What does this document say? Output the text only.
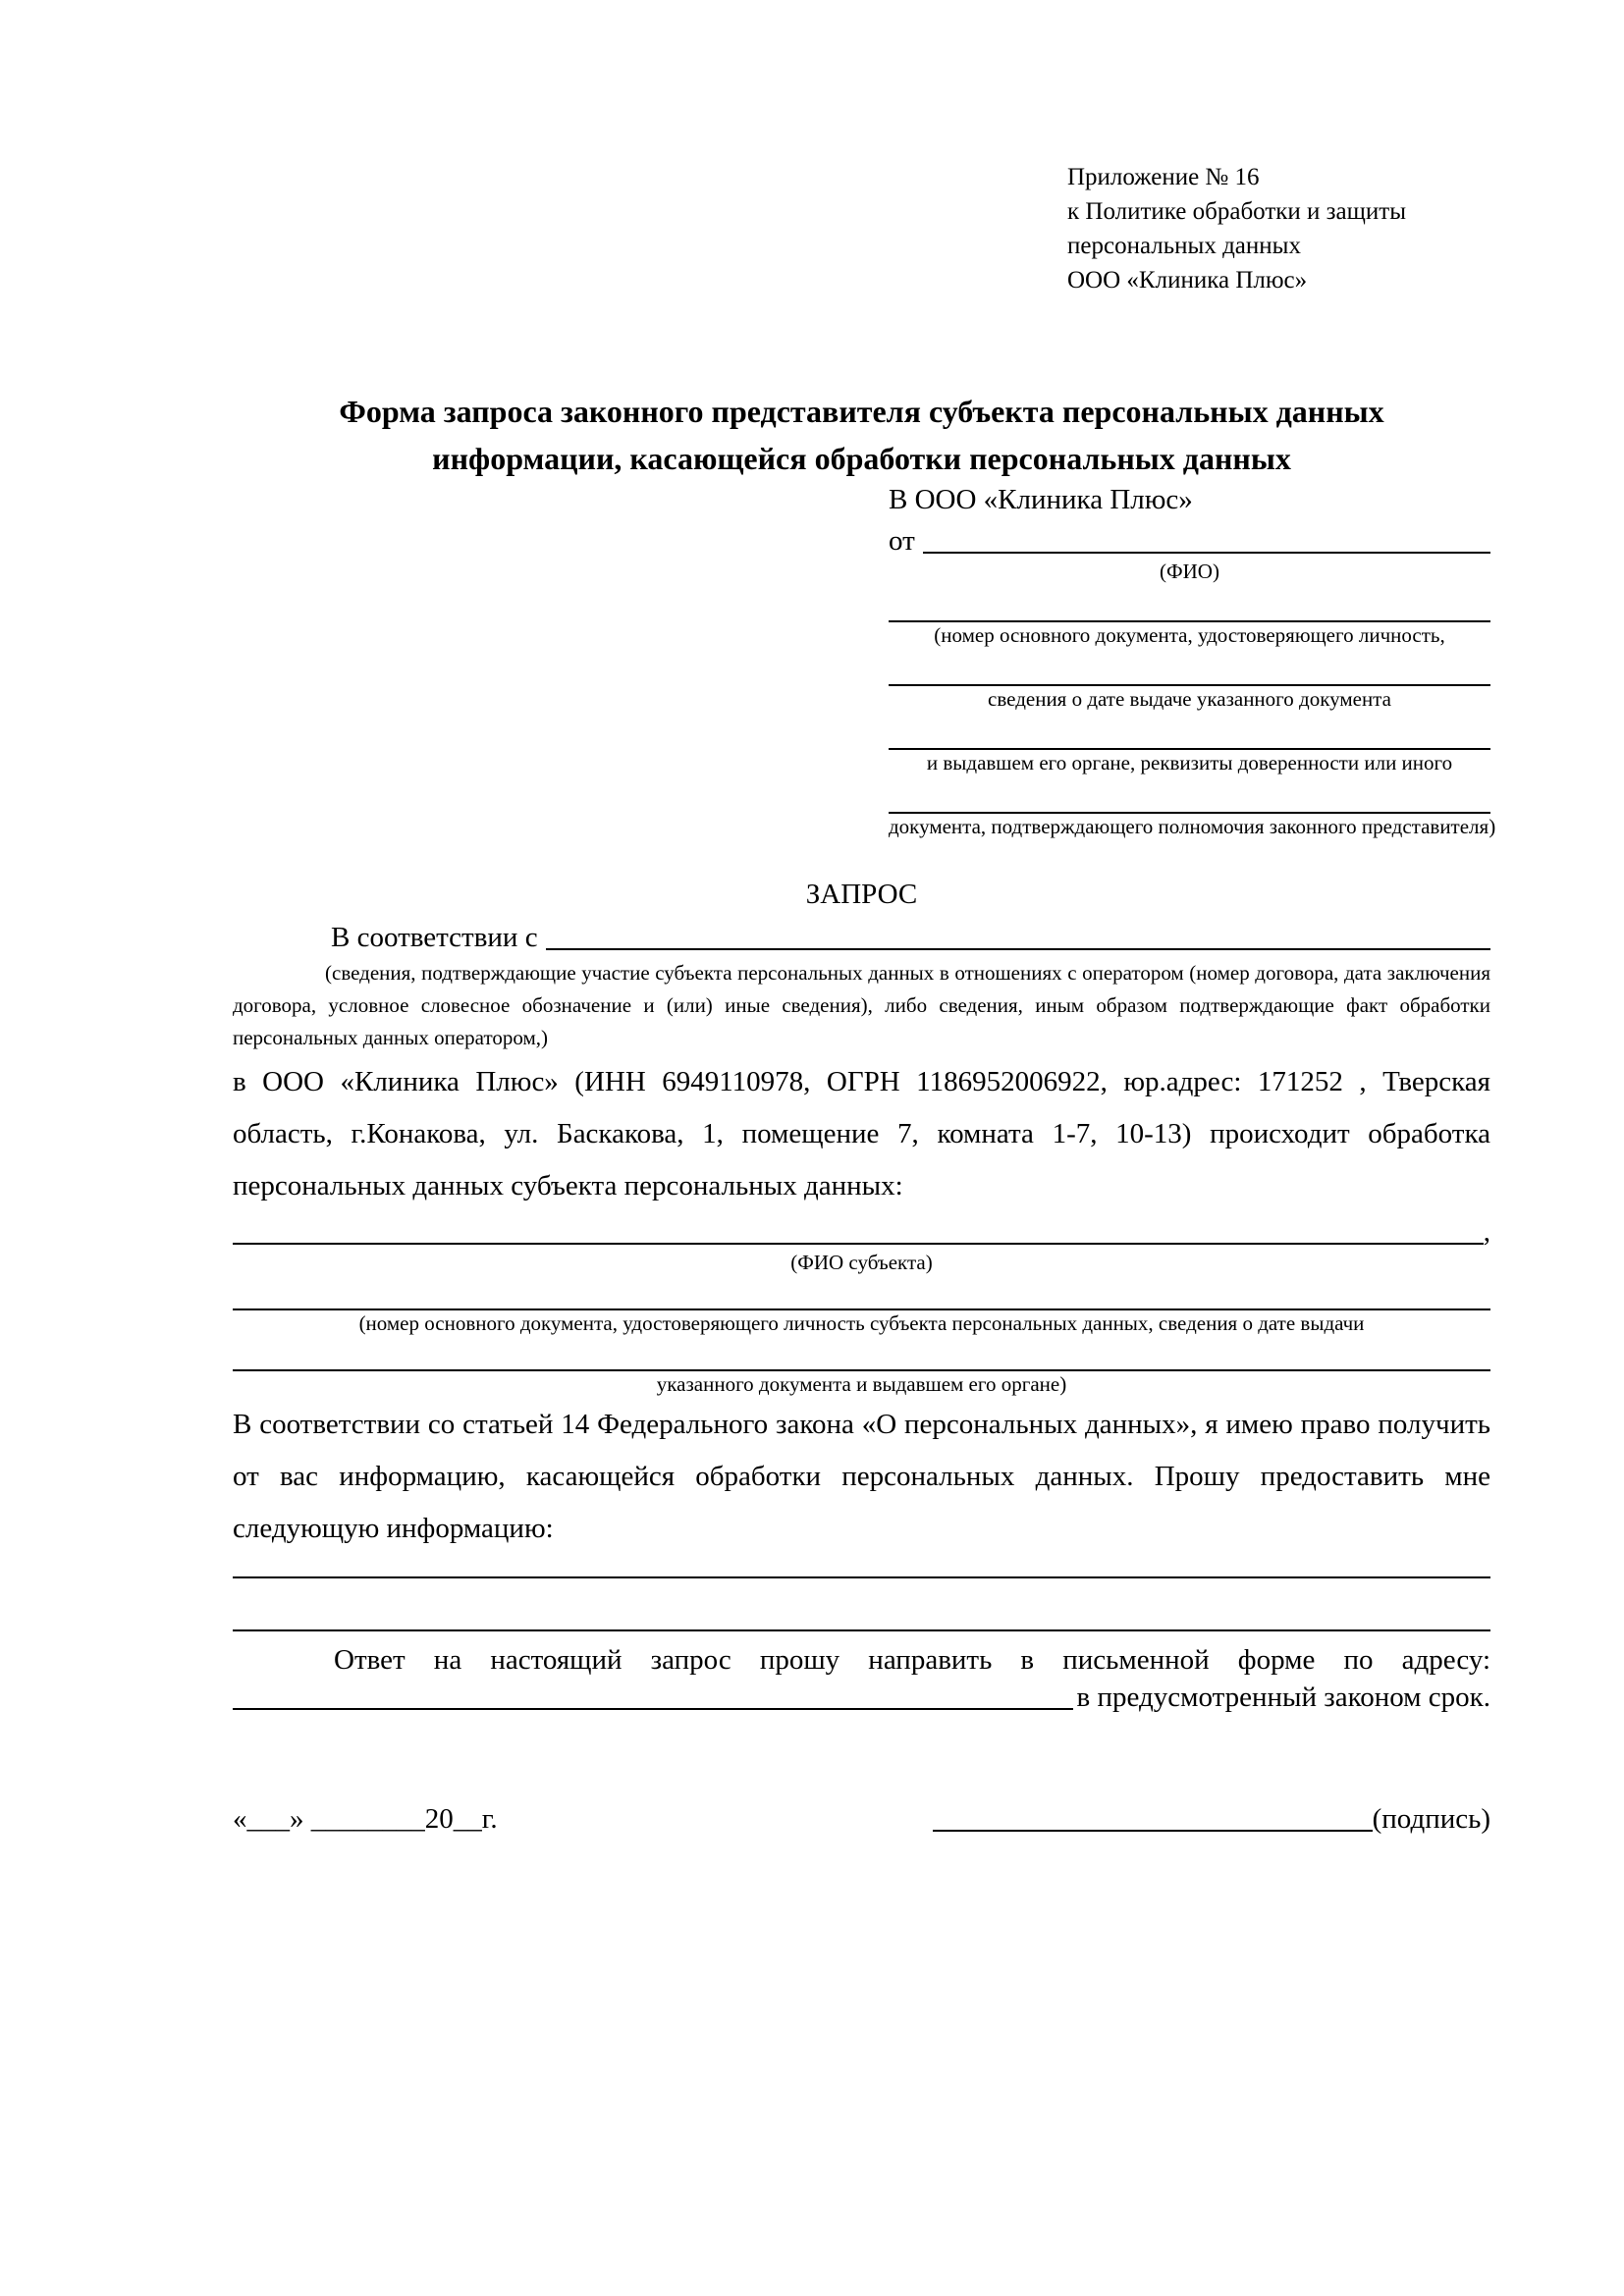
Приложение № 16
к Политике обработки и защиты
персональных данных
ООО «Клиника Плюс»
Форма запроса законного представителя субъекта персональных данных
информации, касающейся обработки персональных данных
В ООО «Клиника Плюс»
от
(ФИО)
(номер основного документа, удостоверяющего личность,
сведения о дате выдаче указанного документа
и выдавшем его органе, реквизиты доверенности или иного
документа, подтверждающего полномочия законного представителя)
ЗАПРОС
В соответствии с

(сведения, подтверждающие участие субъекта персональных данных в отношениях с оператором (номер договора, дата заключения договора, условное словесное обозначение и (или) иные сведения), либо сведения, иным образом подтверждающие факт обработки персональных данных оператором,)

в ООО «Клиника Плюс» (ИНН 6949110978, ОГРН 1186952006922, юр.адрес: 171252 , Тверская область, г.Конакова, ул. Баскакова, 1, помещение 7, комната 1-7, 10-13) происходит обработка персональных данных субъекта персональных данных:

,
(ФИО субъекта)
(номер основного документа, удостоверяющего личность субъекта персональных данных, сведения о дате выдачи
указанного документа и выдавшем его органе)

В соответствии со статьей 14 Федерального закона «О персональных данных», я имею право получить от вас информацию, касающейся обработки персональных данных. Прошу предоставить мне следующую информацию:

Ответ на настоящий запрос прошу направить в письменной форме по адресу:

в предусмотренный законом срок.
«___» ________20__г.	(подпись)
